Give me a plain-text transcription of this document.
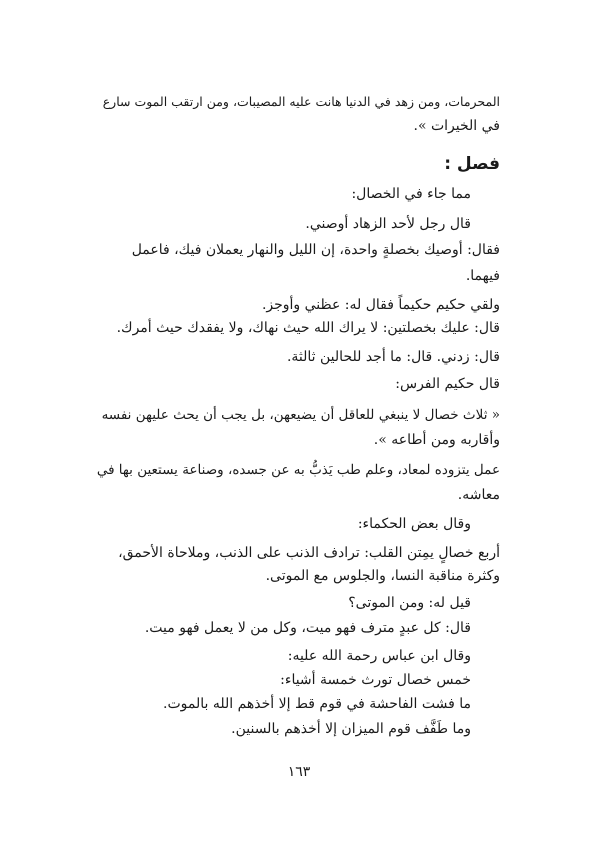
المحرمات، ومن زهد في الدنيا هانت عليه المصيبات، ومن ارتقب الموت سارع
في الخيرات ».
فصل :
مما جاء في الخصال:
قال رجل لأحد الزهاد أوصني.
فقال: أوصيك بخصلةٍ واحدة، إن الليل والنهار يعملان فيك، فاعمل
فيهما.
ولقي حكيم حكيماً فقال له: عظني وأوجز.
قال: عليك بخصلتين: لا يراك الله حيث نهاك، ولا يفقدك حيث أمرك.
قال: زدني. قال: ما أجد للحالين ثالثة.
قال حكيم الفرس:
« ثلاث خصال لا ينبغي للعاقل أن يضيعهن، بل يجب أن يحث عليهن نفسه
وأقاربه ومن أطاعه ».
عمل يتزوده لمعاد، وعلم طب يَذبُّ به عن جسده، وصناعة يستعين بها في
معاشه.
وقال بعض الحكماء:
أربع خصالٍ يمِتن القلب: ترادف الذنب على الذنب، وملاحاة الأحمق،
وكثرة مناقبة النسا، والجلوس مع الموتى.
قيل له: ومن الموتى؟
قال: كل عبدٍ مترف فهو ميت، وكل من لا يعمل فهو ميت.
وقال ابن عباس رحمة الله عليه:
خمس خصال تورث خمسة أشياء:
ما فشت الفاحشة في قوم قط إلا أخذهم الله بالموت.
وما طَفَّف قوم الميزان إلا أخذهم بالسنين.
١٦٣
